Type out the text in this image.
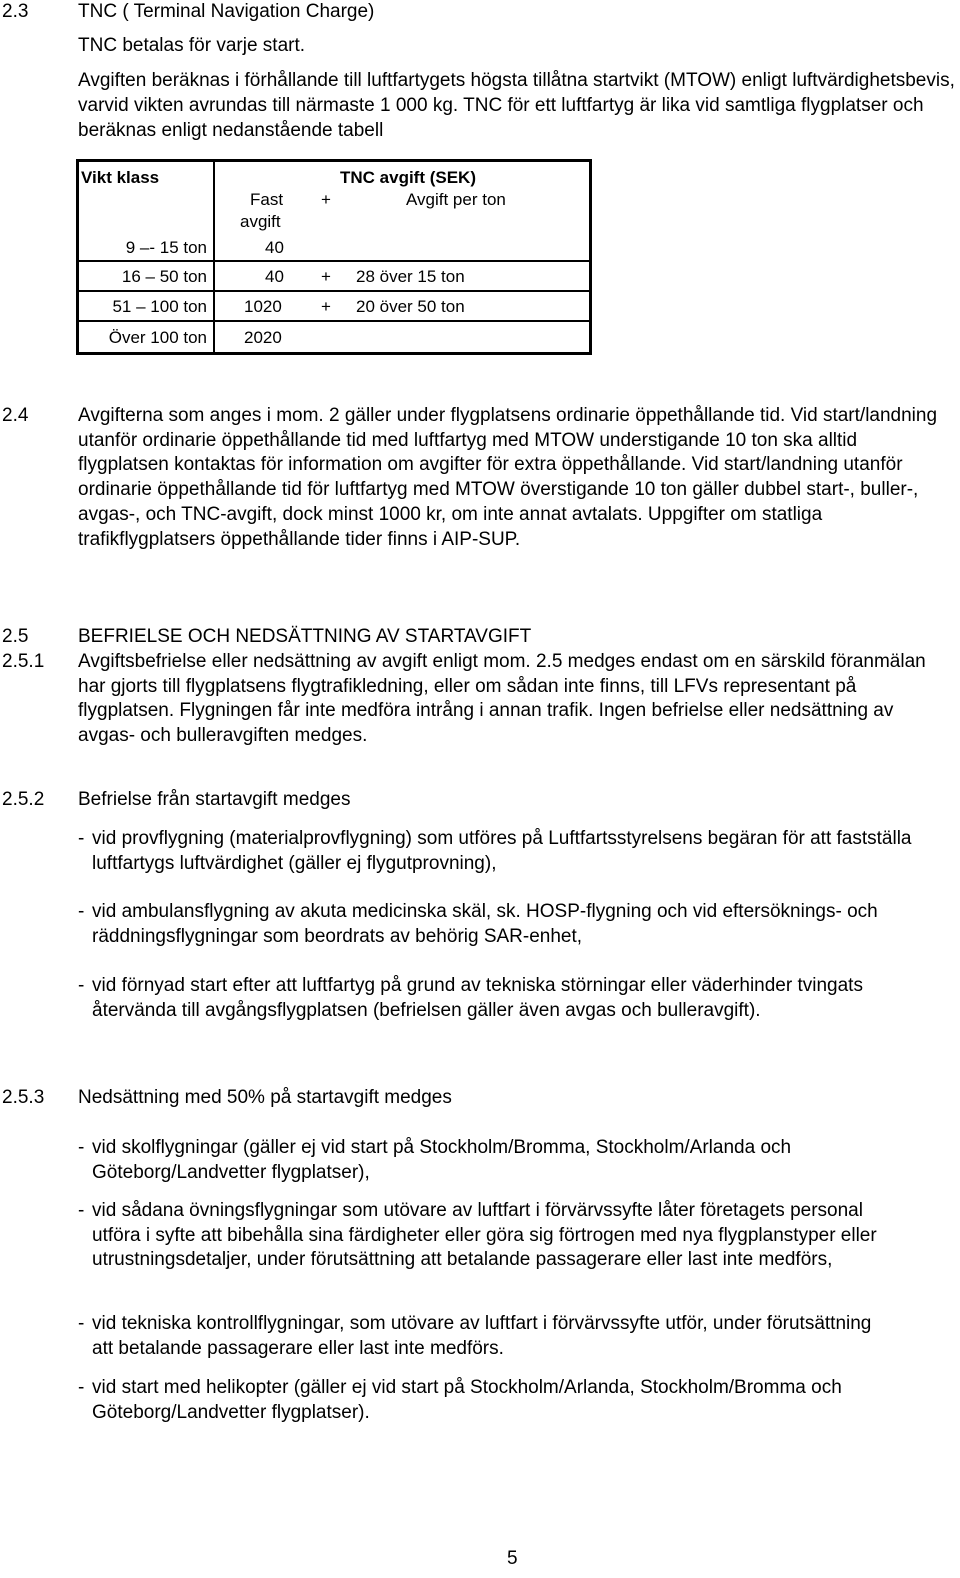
2.3	TNC ( Terminal Navigation Charge)
TNC betalas för varje start.
Avgiften beräknas i förhållande till luftfartygets högsta tillåtna startvikt (MTOW) enligt luftvärdighetsbevis, varvid vikten avrundas till närmaste 1 000 kg. TNC för ett luftfartyg är lika vid samtliga flygplatser och beräknas enligt nedanstående tabell
Vikt klass	TNC avgift (SEK)
Fast
avgift
+	Avgift per ton
9 –- 15 ton	40
16 – 50 ton	40 + 28 över 15 ton
51 – 100 ton 1020 + 20 över 50 ton
Över 100 ton 2020
2.4	Avgifterna som anges i mom. 2 gäller under flygplatsens ordinarie öppethållande tid. Vid start/landning utanför ordinarie öppethållande tid med luftfartyg med MTOW understigande 10 ton ska alltid flygplatsen kontaktas för information om avgifter för extra öppethållande. Vid start/landning utanför ordinarie öppethållande tid för luftfartyg med MTOW överstigande 10 ton gäller dubbel start-, buller-, avgas-, och TNC-avgift, dock minst 1000 kr, om inte annat avtalats. Uppgifter om statliga trafikflygplatsers öppethållande tider finns i AIP-SUP.
2.5	BEFRIELSE OCH NEDSÄTTNING AV STARTAVGIFT
2.5.1 Avgiftsbefrielse eller nedsättning av avgift enligt mom. 2.5 medges endast om en särskild föranmälan har gjorts till flygplatsens flygtrafikledning, eller om sådan inte finns, till LFVs representant på flygplatsen. Flygningen får inte medföra intrång i annan trafik. Ingen befrielse eller nedsättning av avgas- och bulleravgiften medges.
2.5.2 Befrielse från startavgift medges
- vid provflygning (materialprovflygning) som utföres på Luftfartsstyrelsens begäran för att fastställa luftfartygs luftvärdighet (gäller ej flygutprovning),
- vid ambulansflygning av akuta medicinska skäl, sk. HOSP-flygning och vid eftersöknings- och räddningsflygningar som beordrats av behörig SAR-enhet,
- vid förnyad start efter att luftfartyg på grund av tekniska störningar eller väderhinder tvingats återvända till avgångsflygplatsen (befrielsen gäller även avgas och bulleravgift).
2.5.3 Nedsättning med 50% på startavgift medges
- vid skolflygningar (gäller ej vid start på Stockholm/Bromma, Stockholm/Arlanda och Göteborg/Landvetter flygplatser),
- vid sådana övningsflygningar som utövare av luftfart i förvärvssyfte låter företagets personal utföra i syfte att bibehålla sina färdigheter eller göra sig förtrogen med nya flygplanstyper eller utrustningsdetaljer, under förutsättning att betalande passagerare eller last inte medförs,
- vid tekniska kontrollflygningar, som utövare av luftfart i förvärvssyfte utför, under förutsättning att betalande passagerare eller last inte medförs.
- vid start med helikopter (gäller ej vid start på Stockholm/Arlanda, Stockholm/Bromma och Göteborg/Landvetter flygplatser).
5
